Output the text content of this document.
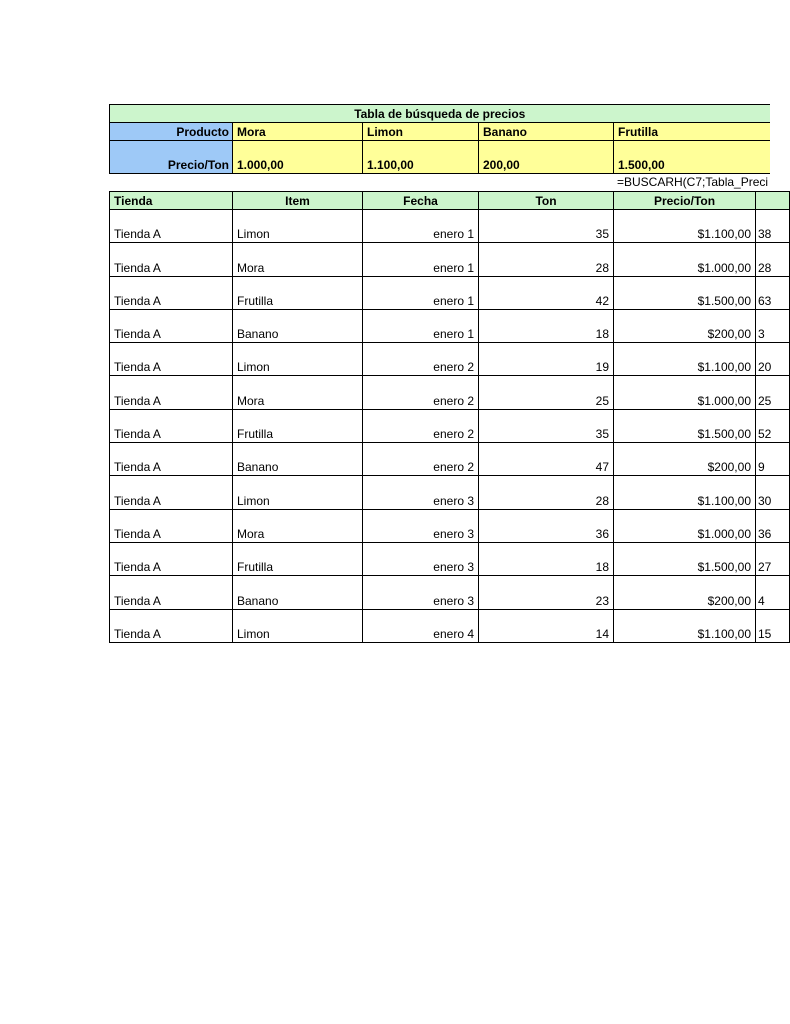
Tabla de búsqueda de precios				
Producto	Mora	Limon	Banano	Frutilla
Precio/Ton	1.000,00	1.100,00	200,00	1.500,00
=BUSCARH(C7;Tabla_Preci
Tienda	Item	Fecha	Ton	Precio/Ton	
Tienda A	Limon	enero 1	35	$1.100,00	38
Tienda A	Mora	enero 1	28	$1.000,00	28
Tienda A	Frutilla	enero 1	42	$1.500,00	63
Tienda A	Banano	enero 1	18	$200,00	3
Tienda A	Limon	enero 2	19	$1.100,00	20
Tienda A	Mora	enero 2	25	$1.000,00	25
Tienda A	Frutilla	enero 2	35	$1.500,00	52
Tienda A	Banano	enero 2	47	$200,00	9
Tienda A	Limon	enero 3	28	$1.100,00	30
Tienda A	Mora	enero 3	36	$1.000,00	36
Tienda A	Frutilla	enero 3	18	$1.500,00	27
Tienda A	Banano	enero 3	23	$200,00	4
Tienda A	Limon	enero 4	14	$1.100,00	15
